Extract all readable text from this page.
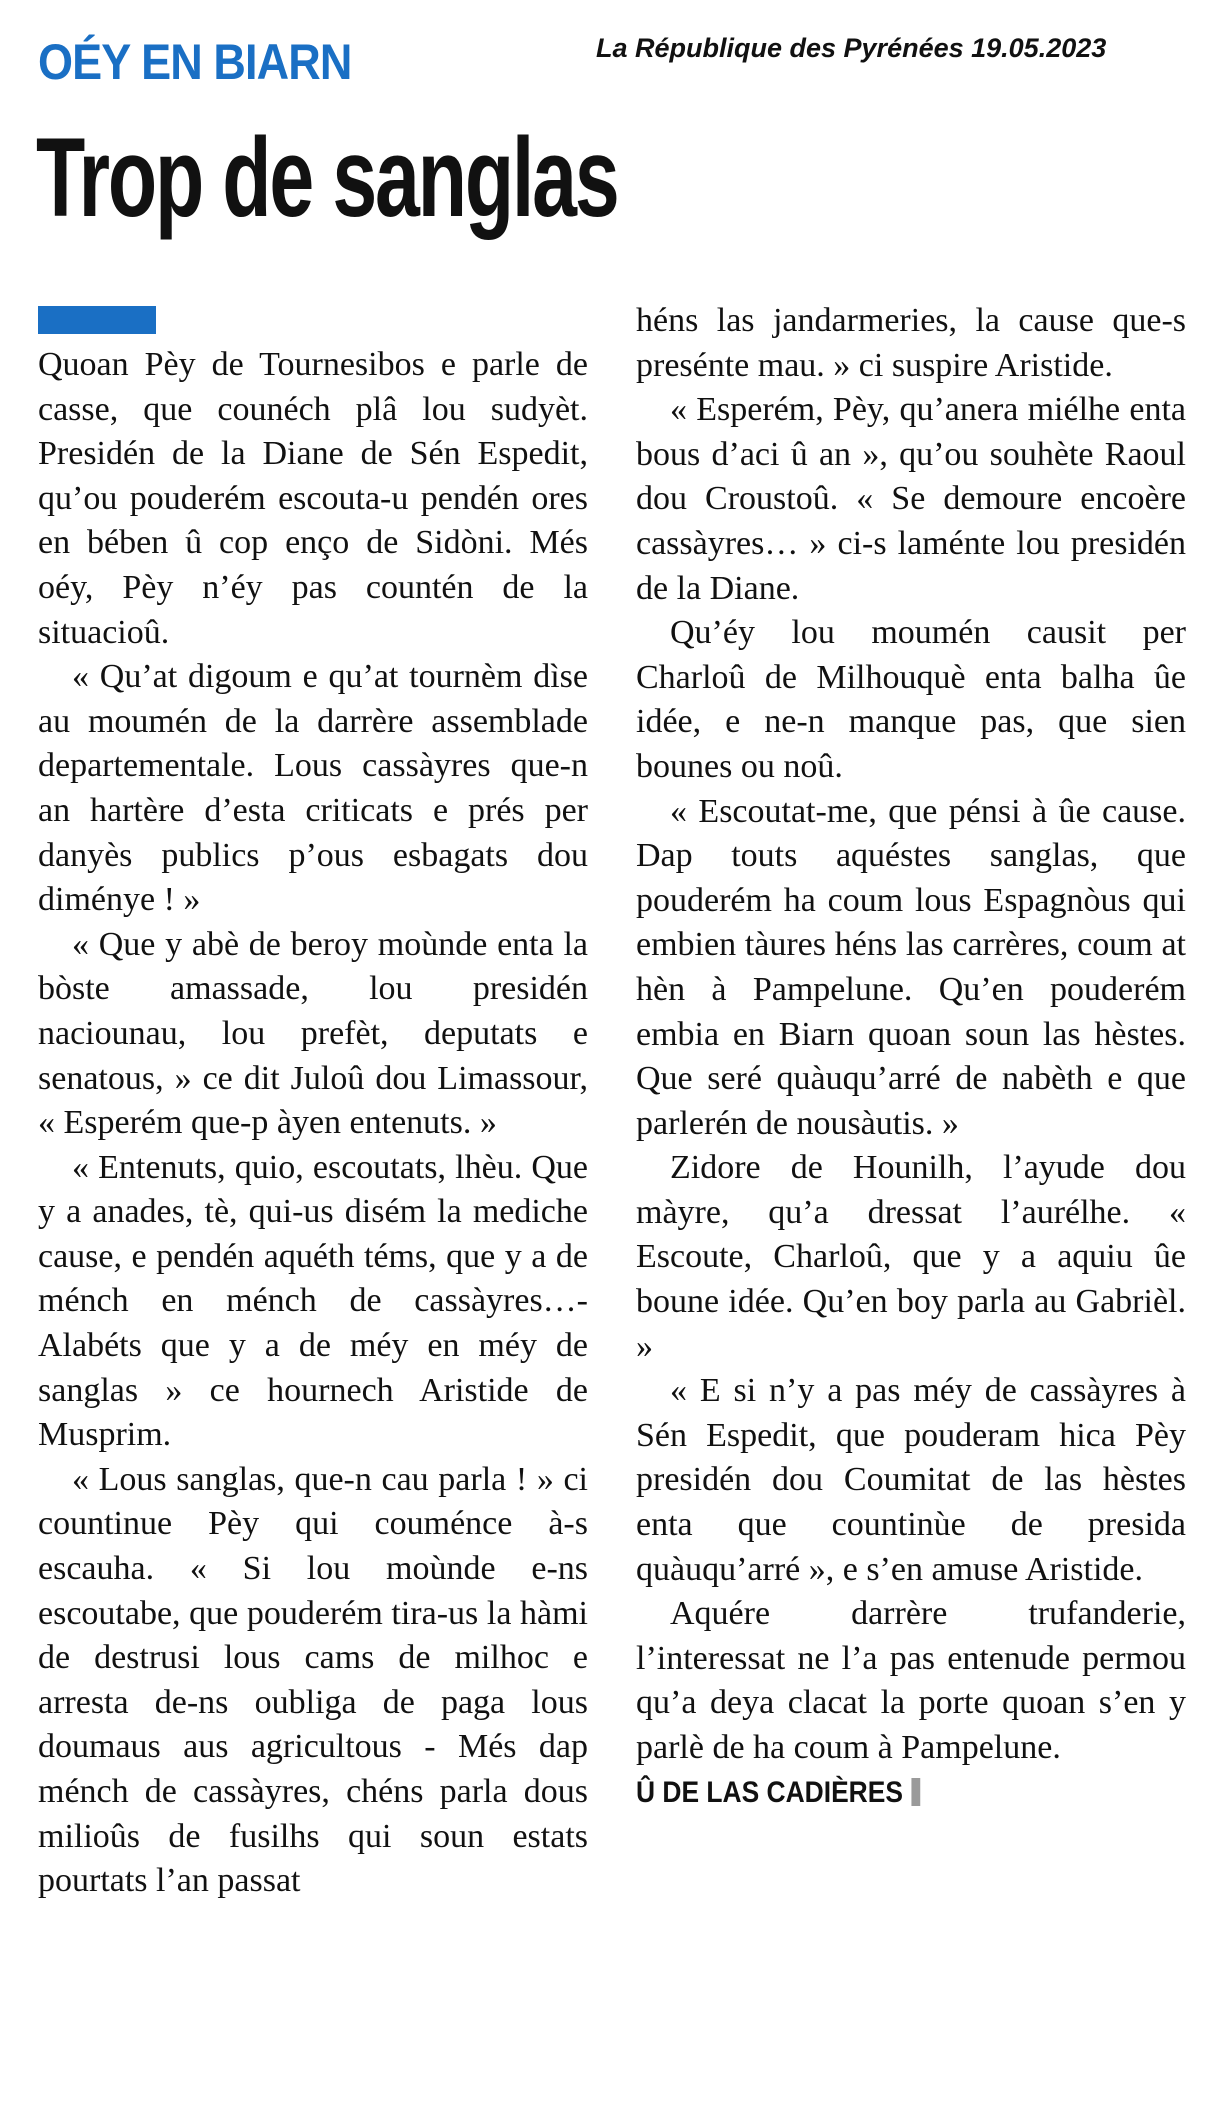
OÉY EN BIARN	La République des Pyrénées 19.05.2023
Trop de sanglas

Quoan Pèy de Tournesibos e parle de casse, que counéch plâ lou sudyèt. Presidén de la Diane de Sén Espedit, qu’ou pouderém escouta-u pendén ores en bében û cop enço de Sidòni. Més oéy, Pèy n’éy pas countén de la situacioû.

« Qu’at digoum e qu’at tournèm dìse au moumén de la darrère assemblade departementale. Lous cassàyres que-n an hartère d’esta criticats e prés per danyès publics p’ous esbagats dou diménye ! »

« Que y abè de beroy moùnde enta la bòste amassade, lou presidén naciounau, lou prefèt, deputats e senatous, » ce dit Juloû dou Limassour, « Esperém que-p àyen entenuts. »

« Entenuts, quio, escoutats, lhèu. Que y a anades, tè, qui-us disém la mediche cause, e pendén aquéth téms, que y a de ménch en ménch de cassàyres…- Alabéts que y a de méy en méy de sanglas » ce hournech Aristide de Musprim.

« Lous sanglas, que-n cau parla ! » ci countinue Pèy qui couménce à-s escauha. « Si lou moùnde e-ns escoutabe, que pouderém tira-us la hàmi de destrusi lous cams de milhoc e arresta de-ns oubliga de paga lous doumaus aus agricultous - Més dap ménch de cassàyres, chéns parla dous milioûs de fusilhs qui soun estats pourtats l’an passat

héns las jandarmeries, la cause que-s presénte mau. » ci suspire Aristide.

« Esperém, Pèy, qu’anera miélhe enta bous d’aci û an », qu’ou souhète Raoul dou Croustoû. « Se demoure encoère cassàyres… » ci-s laménte lou presidén de la Diane.

Qu’éy lou moumén causit per Charloû de Milhouquè enta balha ûe idée, e ne-n manque pas, que sien bounes ou noû.

« Escoutat-me, que pénsi à ûe cause. Dap touts aquéstes sanglas, que pouderém ha coum lous Espagnòus qui embien tàures héns las carrères, coum at hèn à Pampelune. Qu’en pouderém embia en Biarn quoan soun las hèstes. Que seré quàuqu’arré de nabèth e que parlerén de nousàutis. »

Zidore de Hounilh, l’ayude dou màyre, qu’a dressat l’aurélhe. « Escoute, Charloû, que y a aquiu ûe boune idée. Qu’en boy parla au Gabrièl. »

« E si n’y a pas méy de cassàyres à Sén Espedit, que pouderam hica Pèy presidén dou Coumitat de las hèstes enta que countinùe de presida quàuqu’arré », e s’en amuse Aristide.

Aquére darrère trufanderie, l’interessat ne l’a pas entenude permou qu’a deya clacat la porte quoan s’en y parlè de ha coum à Pampelune.

Û DE LAS CADIÈRES
